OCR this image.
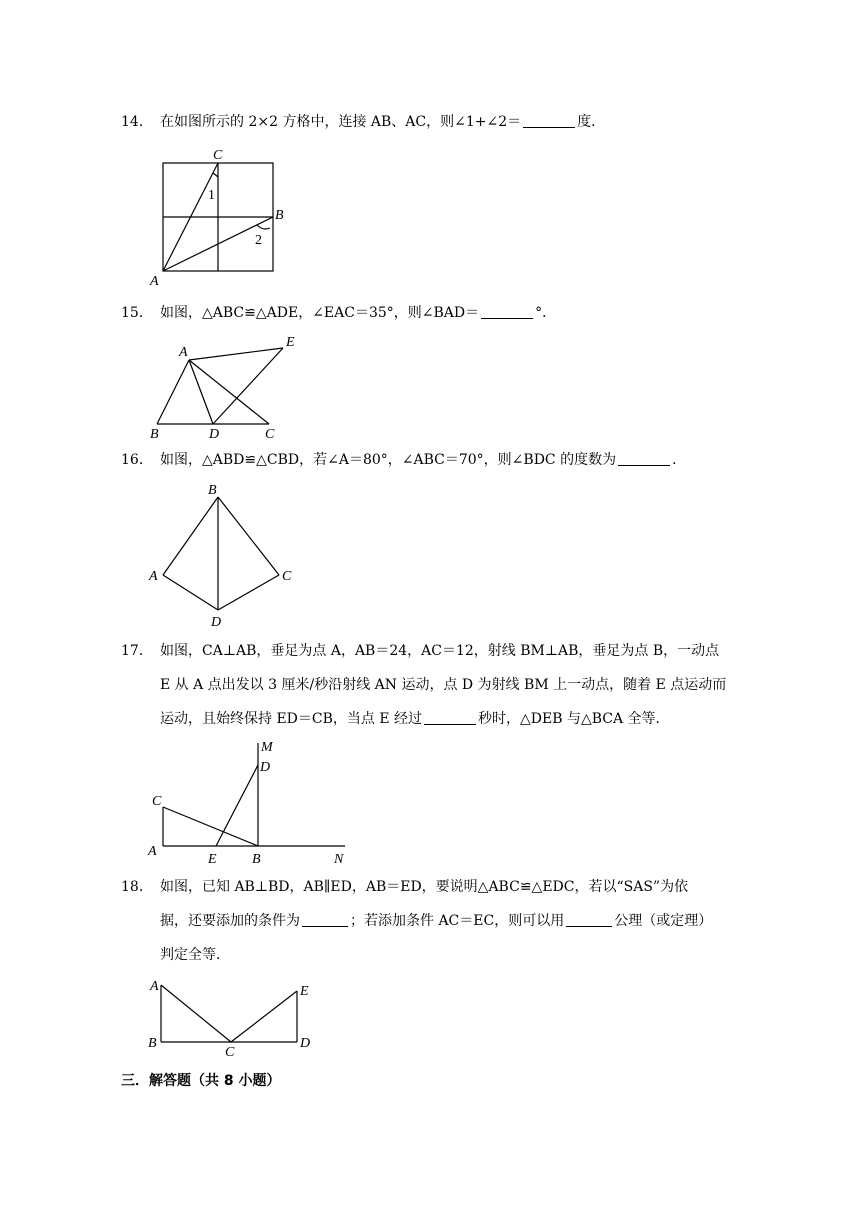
14． 在如图所示的 2×2 方格中，连接 AB、AC，则∠1+∠2＝	度．
C
B
A
1
2
15． 如图，△ABC≌△ADE，∠EAC＝35°，则∠BAD＝	°．
A
E
B	D	C
16． 如图，△ABD≌△CBD，若∠A＝80°，∠ABC＝70°，则∠BDC 的度数为	．
B
A	C
D
17． 如图，CA⊥AB，垂足为点 A，AB＝24，AC＝12，射线 BM⊥AB，垂足为点 B，一动点
E 从 A 点出发以 3 厘米/秒沿射线 AN 运动，点 D 为射线 BM 上一动点，随着 E 点运动而
运动，且始终保持 ED＝CB，当点 E 经过	秒时，△DEB 与△BCA 全等．
M
D
C
A
E	B	N
18． 如图，已知 AB⊥BD，AB∥ED，AB＝ED，要说明△ABC≌△EDC，若以“SAS”为依
据，还要添加的条件为	；若添加条件 AC＝EC，则可以用	公理（或定理）
判定全等．
A	E
B
C
D
三．解答题（共 8 小题）
